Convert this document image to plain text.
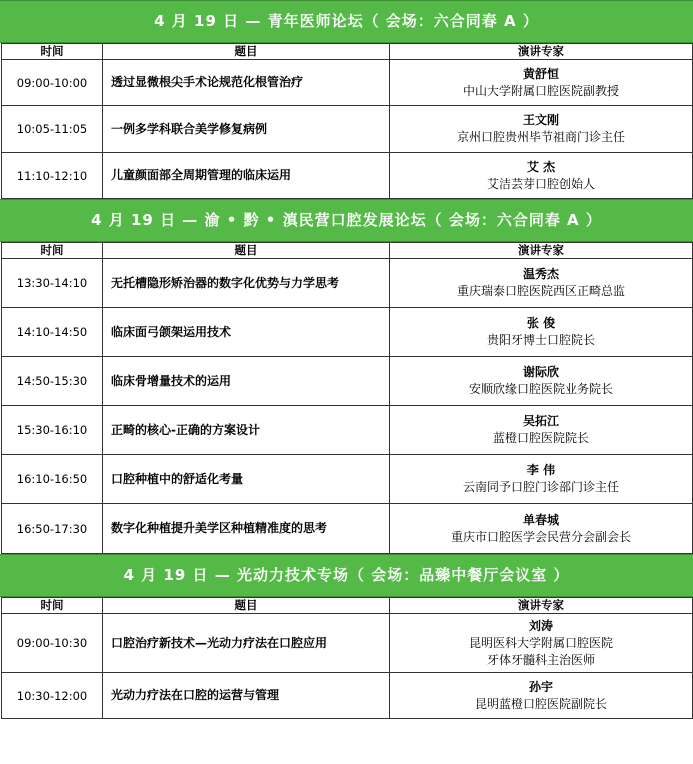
4 月 19 日 — 青年医师论坛（ 会场：六合同春 A ）
时间	题目	演讲专家
09:00-10:00	透过显微根尖手术论规范化根管治疗	黄舒恒
中山大学附属口腔医院副教授

10:05-11:05	一例多学科联合美学修复病例	王文刚
京州口腔贵州毕节祖商门诊主任

11:10-12:10	儿童颜面部全周期管理的临床运用	艾 杰
艾洁芸芽口腔创始人
4 月 19 日 — 渝 • 黔 • 滇民营口腔发展论坛（ 会场：六合同春 A ）
时间	题目	演讲专家
13:30-14:10	无托槽隐形矫治器的数字化优势与力学思考	温秀杰
重庆瑞泰口腔医院西区正畸总监

14:10-14:50	临床面弓颌架运用技术	张 俊
贵阳牙博士口腔院长

14:50-15:30	临床骨增量技术的运用	谢际欣
安顺欣缘口腔医院业务院长

15:30-16:10	正畸的核心-正确的方案设计	吴拓江
蓝橙口腔医院院长

16:10-16:50	口腔种植中的舒适化考量	李 伟
云南同予口腔门诊部门诊主任

16:50-17:30	数字化种植提升美学区种植精准度的思考	单春城
重庆市口腔医学会民营分会副会长
4 月 19 日 — 光动力技术专场（ 会场：品臻中餐厅会议室 ）
时间	题目	演讲专家
09:00-10:30	口腔治疗新技术—光动力疗法在口腔应用	刘涛
昆明医科大学附属口腔医院
牙体牙髓科主治医师

10:30-12:00	光动力疗法在口腔的运营与管理	孙宇
昆明蓝橙口腔医院副院长
